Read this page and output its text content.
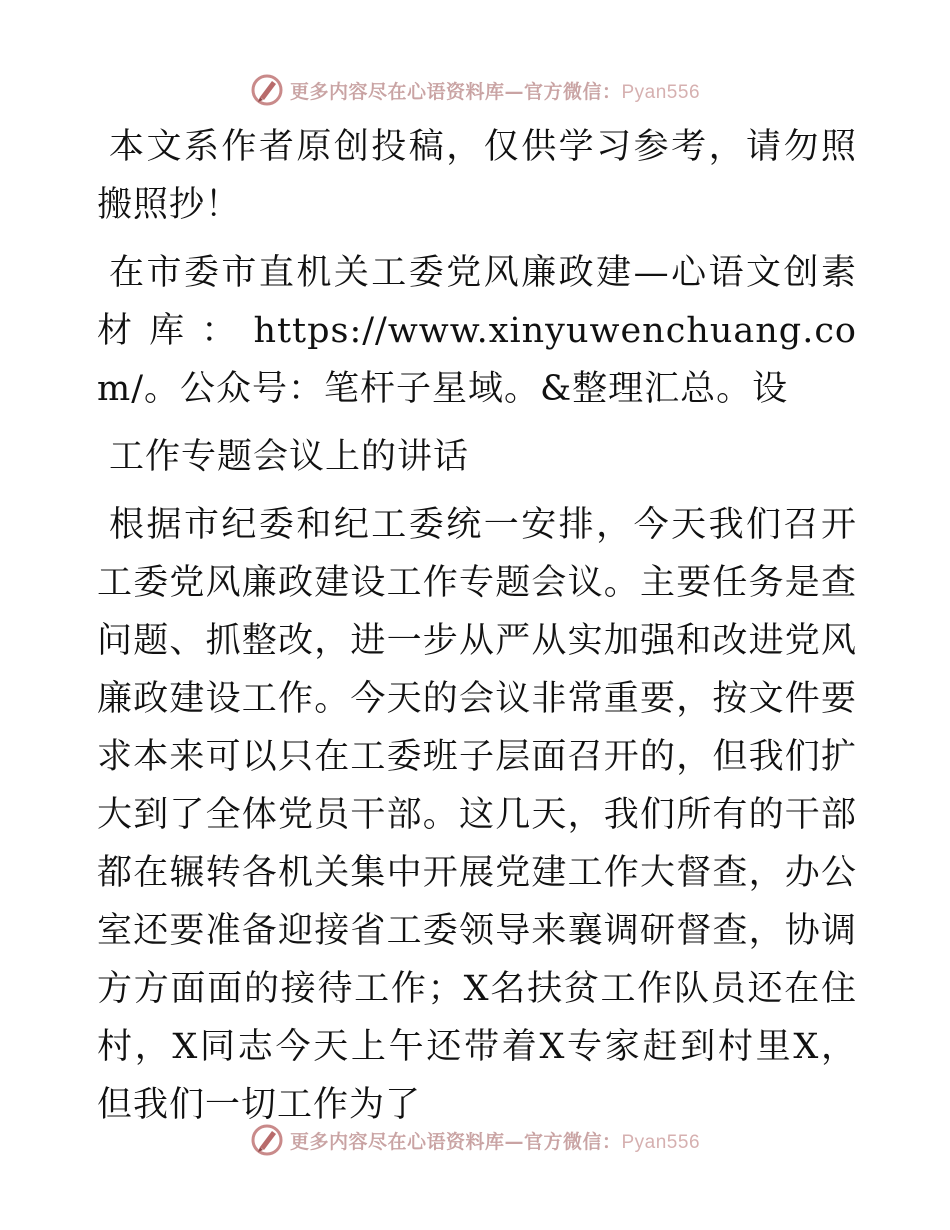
更多内容尽在心语资料库—官方微信：Pyan556

本文系作者原创投稿，仅供学习参考，请勿照搬照抄！

在市委市直机关工委党风廉政建—心语文创素材库：https://www.xinyuwenchuang.com/。公众号：笔杆子星域。&整理汇总。设

工作专题会议上的讲话

根据市纪委和纪工委统一安排，今天我们召开工委党风廉政建设工作专题会议。主要任务是查问题、抓整改，进一步从严从实加强和改进党风廉政建设工作。今天的会议非常重要，按文件要求本来可以只在工委班子层面召开的，但我们扩大到了全体党员干部。这几天，我们所有的干部都在辗转各机关集中开展党建工作大督查，办公室还要准备迎接省工委领导来襄调研督查，协调方方面面的接待工作；X名扶贫工作队员还在住村，X同志今天上午还带着X专家赶到村里X，但我们一切工作为了

更多内容尽在心语资料库—官方微信：Pyan556
